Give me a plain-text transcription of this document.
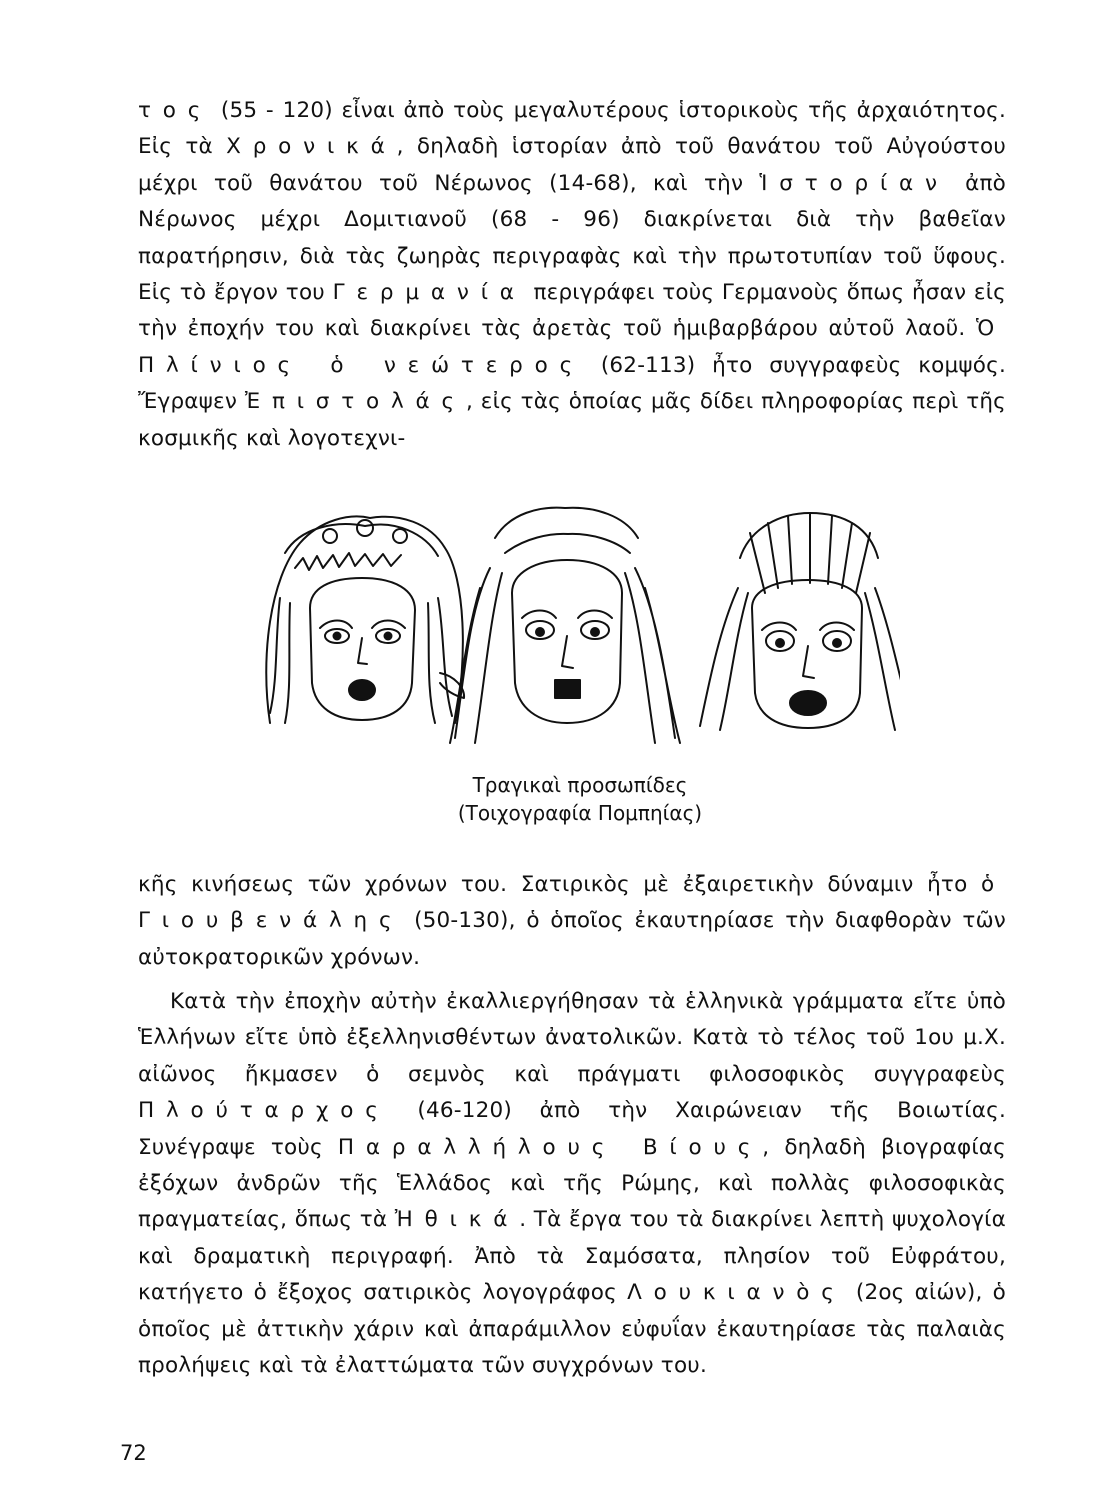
τος (55 - 120) εἶναι ἀπὸ τοὺς μεγαλυτέρους ἱστορικοὺς τῆς ἀρχαιότητος. Εἰς τὰ Χρονικά, δηλαδὴ ἱστορίαν ἀπὸ τοῦ θανάτου τοῦ Αὐγούστου μέχρι τοῦ θανάτου τοῦ Νέρωνος (14-68), καὶ τὴν Ἱστορίαν ἀπὸ Νέρωνος μέχρι Δομιτιανοῦ (68 - 96) διακρίνεται διὰ τὴν βαθεῖαν παρατήρησιν, διὰ τὰς ζωηρὰς περιγραφὰς καὶ τὴν πρωτοτυπίαν τοῦ ὕφους. Εἰς τὸ ἔργον του Γερμανία περιγράφει τοὺς Γερμανοὺς ὅπως ἦσαν εἰς τὴν ἐποχήν του καὶ διακρίνει τὰς ἀρετὰς τοῦ ἡμιβαρβάρου αὐτοῦ λαοῦ. Ὁ Πλίνιος ὁ νεώτερος (62-113) ἦτο συγγραφεὺς κομψός. Ἔγραψεν Ἐπιστολάς, εἰς τὰς ὁποίας μᾶς δίδει πληροφορίας περὶ τῆς κοσμικῆς καὶ λογοτεχνι-

Τραγικαὶ προσωπίδες
(Τοιχογραφία Πομπηίας)

κῆς κινήσεως τῶν χρόνων του. Σατιρικὸς μὲ ἐξαιρετικὴν δύναμιν ἦτο ὁ Γιουβενάλης (50-130), ὁ ὁποῖος ἐκαυτηρίασε τὴν διαφθορὰν τῶν αὐτοκρατορικῶν χρόνων.

Κατὰ τὴν ἐποχὴν αὐτὴν ἐκαλλιεργήθησαν τὰ ἑλληνικὰ γράμματα εἴτε ὑπὸ Ἑλλήνων εἴτε ὑπὸ ἐξελληνισθέντων ἀνατολικῶν. Κατὰ τὸ τέλος τοῦ 1ου μ.Χ. αἰῶνος ἤκμασεν ὁ σεμνὸς καὶ πράγματι φιλοσοφικὸς συγγραφεὺς Πλούταρχος (46-120) ἀπὸ τὴν Χαιρώνειαν τῆς Βοιωτίας. Συνέγραψε τοὺς Παραλλήλους Βίους, δηλαδὴ βιογραφίας ἐξόχων ἀνδρῶν τῆς Ἑλλάδος καὶ τῆς Ρώμης, καὶ πολλὰς φιλοσοφικὰς πραγματείας, ὅπως τὰ Ἠθικά. Τὰ ἔργα του τὰ διακρίνει λεπτὴ ψυχολογία καὶ δραματικὴ περιγραφή. Ἀπὸ τὰ Σαμόσατα, πλησίον τοῦ Εὐφράτου, κατήγετο ὁ ἔξοχος σατιρικὸς λογογράφος Λουκιανὸς (2ος αἰών), ὁ ὁποῖος μὲ ἀττικὴν χάριν καὶ ἀπαράμιλλον εὐφυΐαν ἐκαυτηρίασε τὰς παλαιὰς προλήψεις καὶ τὰ ἐλαττώματα τῶν συγχρόνων του.

72
